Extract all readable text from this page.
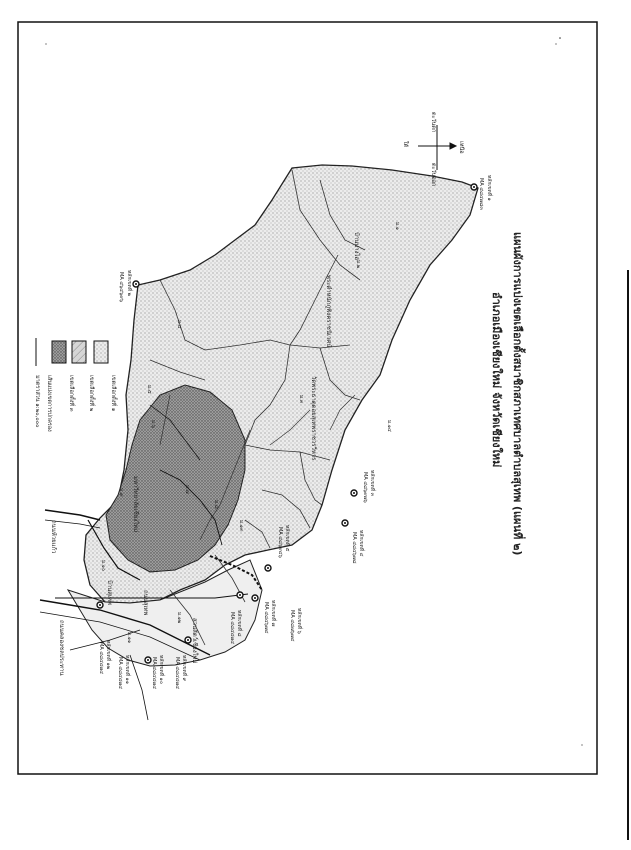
บ้านปางไฮ
พระตำหนักภูพิงคราชนิเวศน์
วัดพระธาตุดอยสุเทพราชวรวิหาร
มหาวิทยาลัยเชียงใหม่
ถนนสุเทพ
ถนนห้วยแก้ว
ถนนคลองชลประทาน	สวนสัตว์เชียงใหม่
บ้านสุเทพ
ม.๑
ม.๒
ม.๓
ม.๔
ม.๕
ม.๖
ม.๗
ม.๘
ม.๙
ม.๑๐
ม.๑๑
ม.๑๒
ม.๑๓
ม.๑๔
หลักเขตที่ ๑
MA ๔๘๔๗๘๓
หลักเขตที่ ๒
MA ๔๖๔๖๙๖
หลักเขตที่ ๓
MA ๔๘๖๙๗๖
หลักเขตที่ ๔
MA ๔๘๔๖๗๘
หลักเขตที่ ๕
MA ๔๘๖๙๔๖
หลักเขตที่ ๖
MA ๔๘๗๖๗๔
หลักเขตที่ ๗
MA ๔๘๔๖๗๔
หลักเขตที่ ๘
MA ๔๘๔๔๗๔
หลักเขตที่ ๙
MA ๔๘๔๔๗๔
หลักเขตที่ ๑๐
MA ๔๘๔๔๗๔
หลักเขตที่ ๑๑
MA ๔๘๔๔๗๔
หลักเขตที่ ๑๒
MA ๔๘๔๔๗๔
เขตเลือกตั้งที่ ๑
เขตเลือกตั้งที่ ๒
เขตเลือกตั้งที่ ๓
เส้นแบ่งเขตการปกครอง
มาตราส่วน ๑:๒๐,๐๐๐
เหนือ
ใต้
ตะวันออก
ตะวันตก
แผนผังการแบ่งเขตเลือกตั้งสมาชิกสภาเทศบาลตำบลสุเทพ (แผนที่ ๒)
อำเภอเมืองเชียงใหม่ จังหวัดเชียงใหม่
